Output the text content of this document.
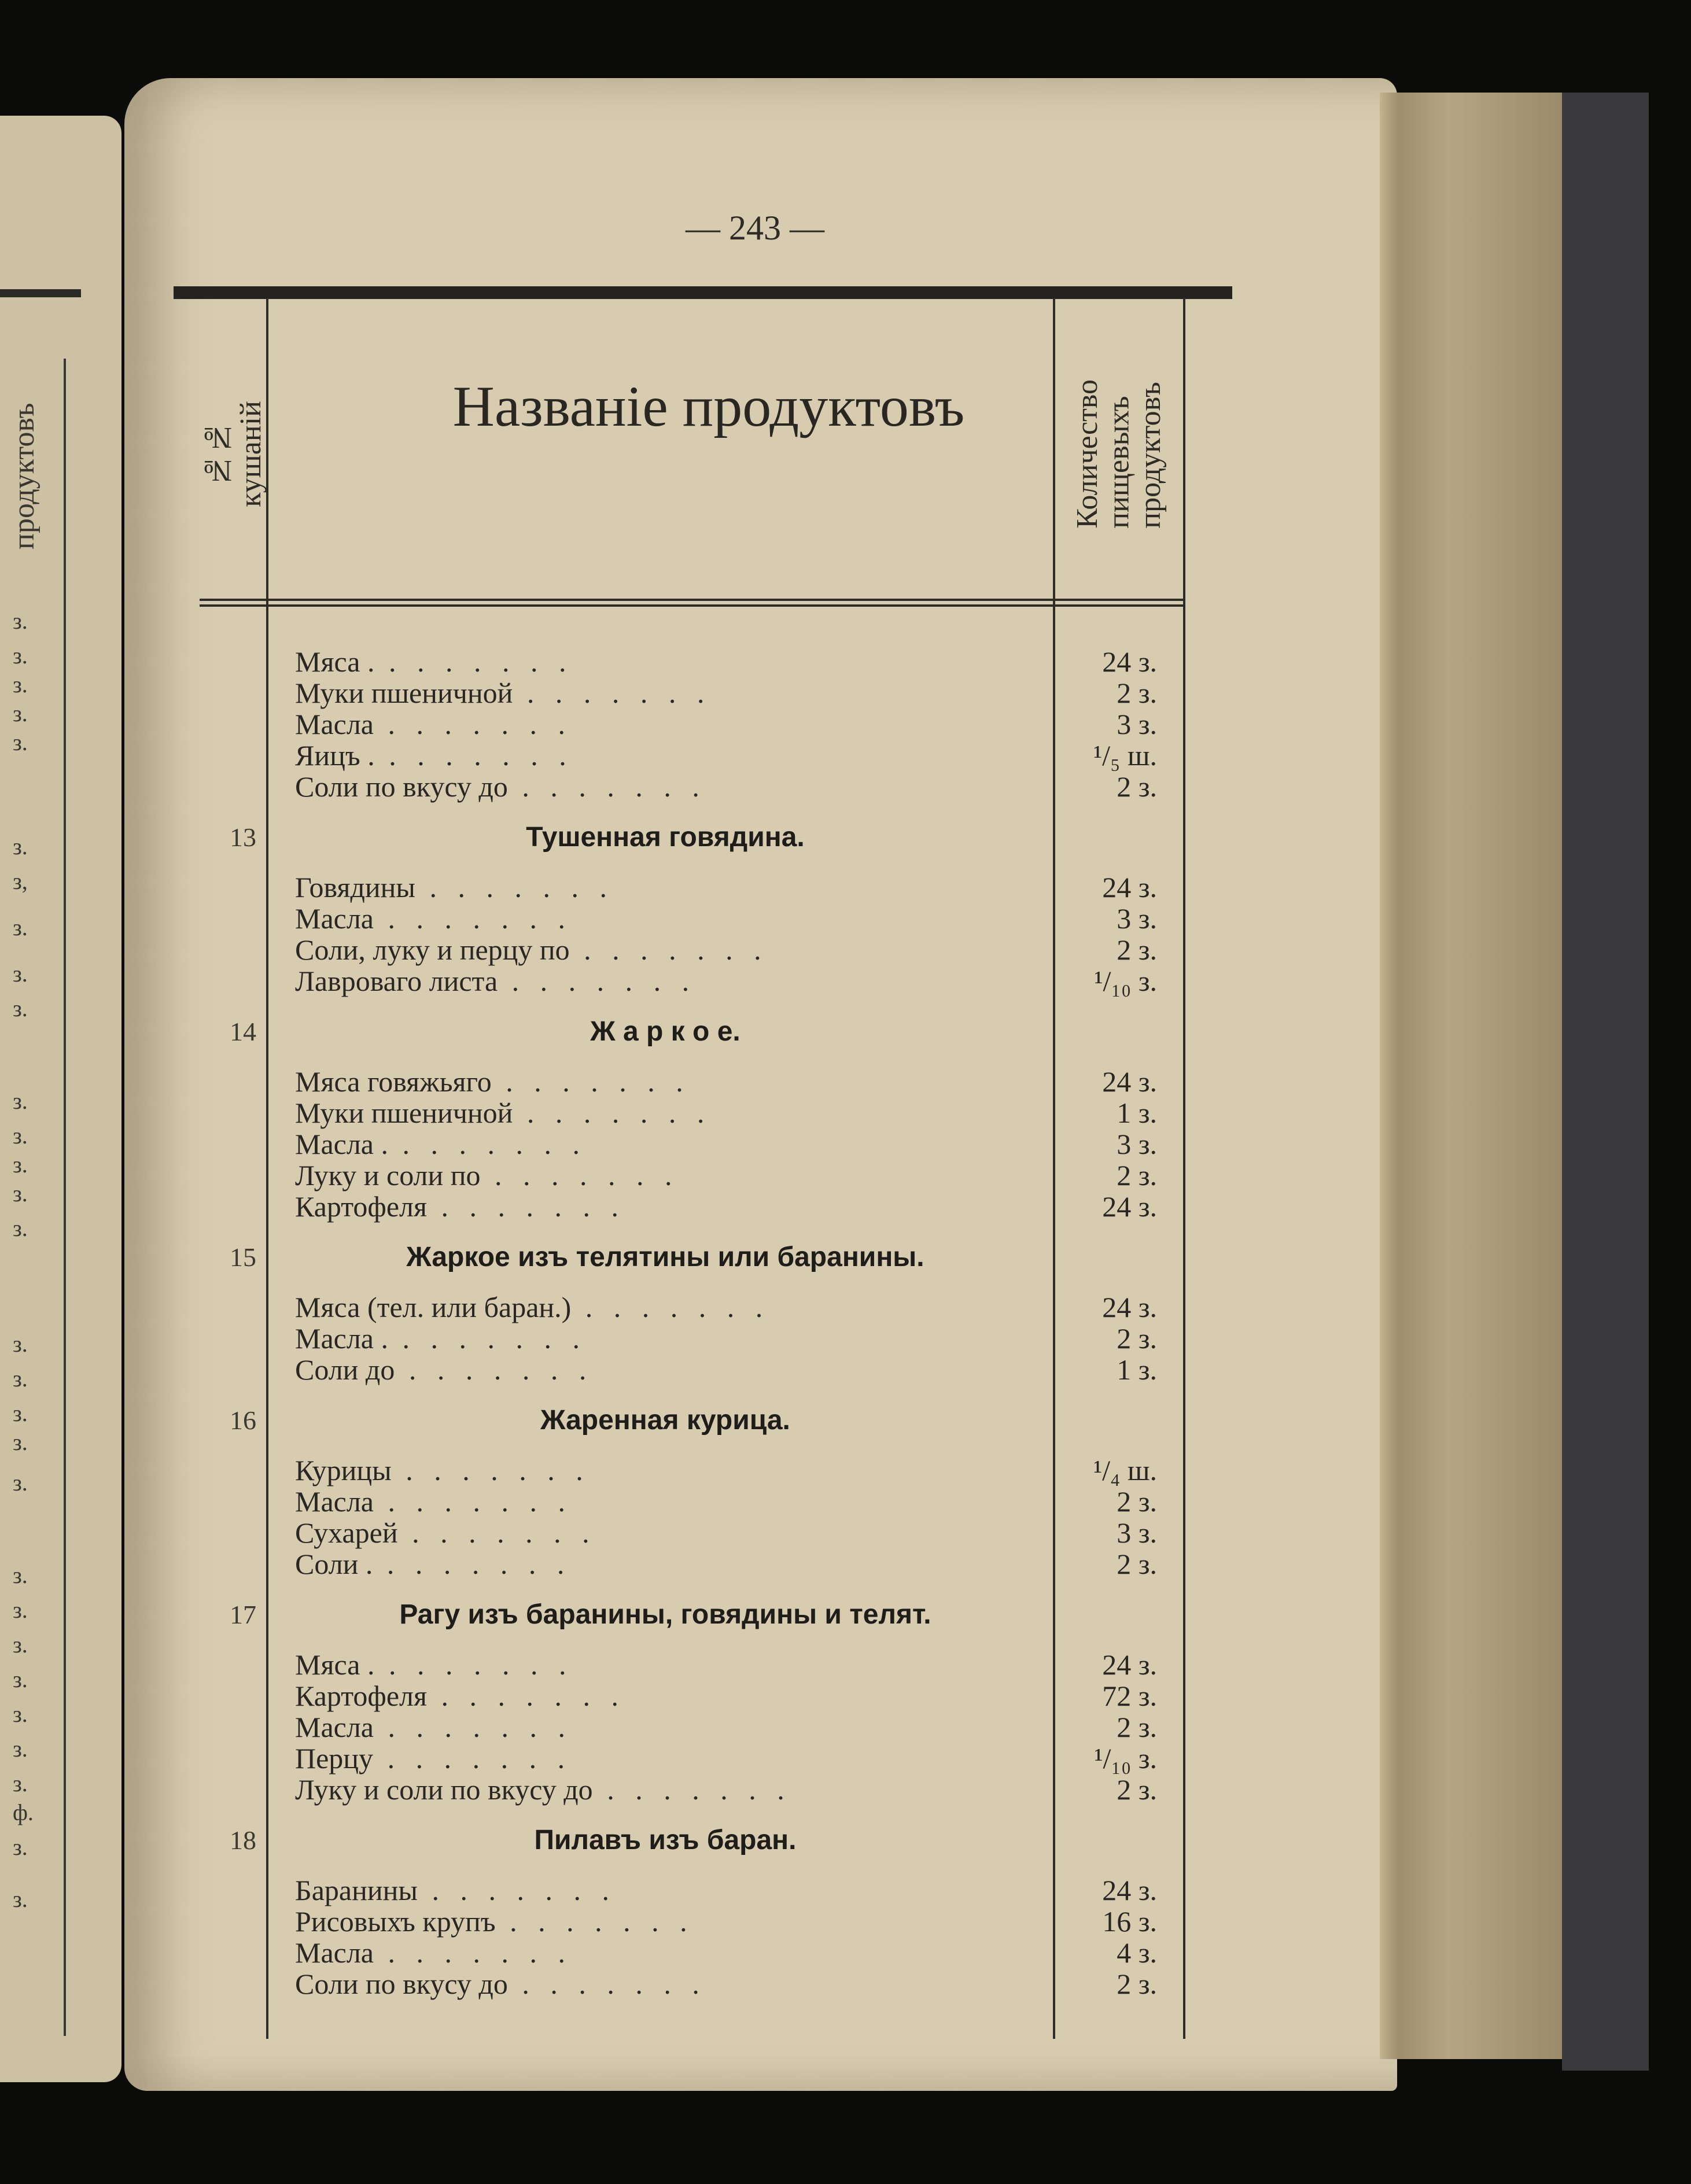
продуктовъ
з.
з.
з.
з.
з.
з.
з,
з.
з.
з.
з.
з.
з.
з.
з.
з.
з.
з.
з.
з.
з.
з.
з.
з.
з.
з.
з.
ф.
з.
з.
— 243 —
№№
кушаній	Названіе продуктовъ	Количество
пищевыхъ
продуктовъ
Мяса . . . . . . . .	24 з.
Муки пшеничной . . . . . . .	2 з.
Масла . . . . . . .	3 з.
Яицъ . . . . . . . .	¹/₅ ш.
Соли по вкусу до . . . . . . .	2 з.
13	Тушенная говядина.
Говядины . . . . . . .	24 з.
Масла . . . . . . .	3 з.
Соли, луку и перцу по . . . . . . .	2 з.
Лавроваго листа . . . . . . .	¹/₁₀ з.
14	Ж а р к о е.
Мяса говяжьяго . . . . . . .	24 з.
Муки пшеничной . . . . . . .	1 з.
Масла . . . . . . . .	3 з.
Луку и соли по . . . . . . .	2 з.
Картофеля . . . . . . .	24 з.
15	Жаркое изъ телятины или баранины.
Мяса (тел. или баран.) . . . . . . .	24 з.
Масла . . . . . . . .	2 з.
Соли до . . . . . . .	1 з.
16	Жаренная курица.
Курицы . . . . . . .	¹/₄ ш.
Масла . . . . . . .	2 з.
Сухарей . . . . . . .	3 з.
Соли . . . . . . . .	2 з.
17	Рагу изъ баранины, говядины и телят.
Мяса . . . . . . . .	24 з.
Картофеля . . . . . . .	72 з.
Масла . . . . . . .	2 з.
Перцу . . . . . . .	¹/₁₀ з.
Луку и соли по вкусу до . . . . . . .	2 з.
18	Пилавъ изъ баран.
Баранины . . . . . . .	24 з.
Рисовыхъ крупъ . . . . . . .	16 з.
Масла . . . . . . .	4 з.
Соли по вкусу до . . . . . . .	2 з.
